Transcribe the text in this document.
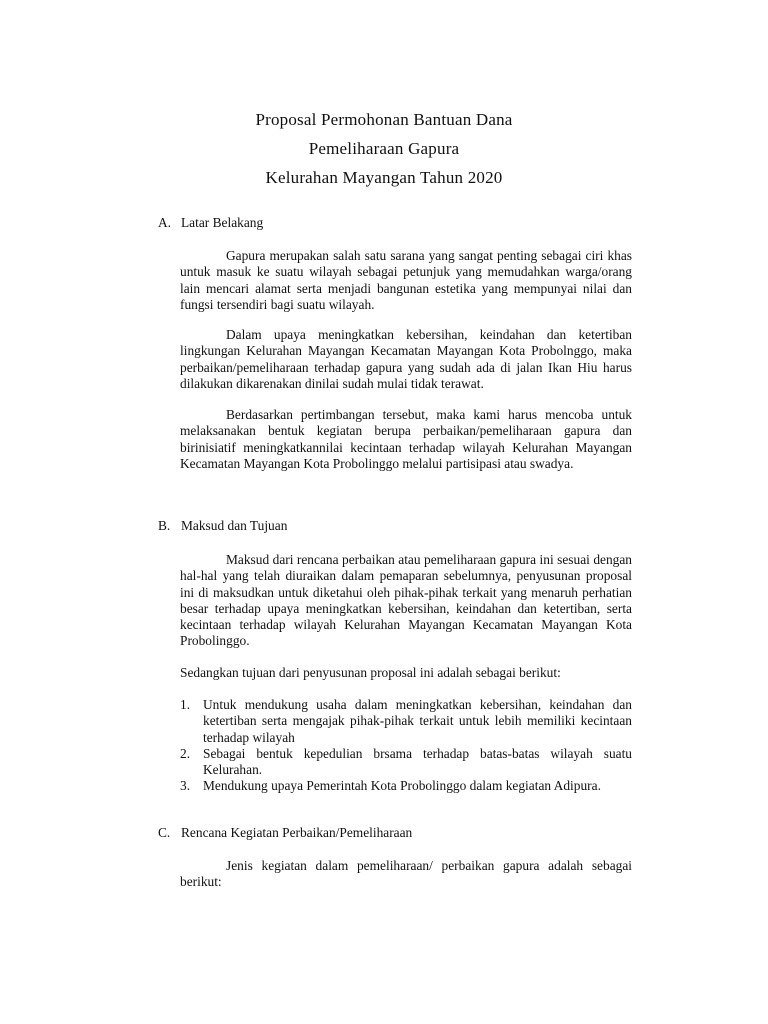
Proposal Permohonan Bantuan Dana
Pemeliharaan Gapura
Kelurahan Mayangan Tahun 2020
A. Latar Belakang

Gapura merupakan salah satu sarana yang sangat penting sebagai ciri khas untuk masuk ke suatu wilayah sebagai petunjuk yang memudahkan warga/orang lain mencari alamat serta menjadi bangunan estetika yang mempunyai nilai dan fungsi tersendiri bagi suatu wilayah.

Dalam upaya meningkatkan kebersihan, keindahan dan ketertiban lingkungan Kelurahan Mayangan Kecamatan Mayangan Kota Probolnggo, maka perbaikan/pemeliharaan terhadap gapura yang sudah ada di jalan Ikan Hiu harus dilakukan dikarenakan dinilai sudah mulai tidak terawat.

Berdasarkan pertimbangan tersebut, maka kami harus mencoba untuk melaksanakan bentuk kegiatan berupa perbaikan/pemeliharaan gapura dan birinisiatif meningkatkannilai kecintaan terhadap wilayah Kelurahan Mayangan Kecamatan Mayangan Kota Probolinggo melalui partisipasi atau swadya.

B. Maksud dan Tujuan

Maksud dari rencana perbaikan atau pemeliharaan gapura ini sesuai dengan hal-hal yang telah diuraikan dalam pemaparan sebelumnya, penyusunan proposal ini di maksudkan untuk diketahui oleh pihak-pihak terkait yang menaruh perhatian besar terhadap upaya meningkatkan kebersihan, keindahan dan ketertiban, serta kecintaan terhadap wilayah Kelurahan Mayangan Kecamatan Mayangan Kota Probolinggo.

Sedangkan tujuan dari penyusunan proposal ini adalah sebagai berikut:

1. Untuk mendukung usaha dalam meningkatkan kebersihan, keindahan dan ketertiban serta mengajak pihak-pihak terkait untuk lebih memiliki kecintaan terhadap wilayah
2. Sebagai bentuk kepedulian brsama terhadap batas-batas wilayah suatu Kelurahan.
3. Mendukung upaya Pemerintah Kota Probolinggo dalam kegiatan Adipura.
C. Rencana Kegiatan Perbaikan/Pemeliharaan

Jenis kegiatan dalam pemeliharaan/ perbaikan gapura adalah sebagai berikut:
